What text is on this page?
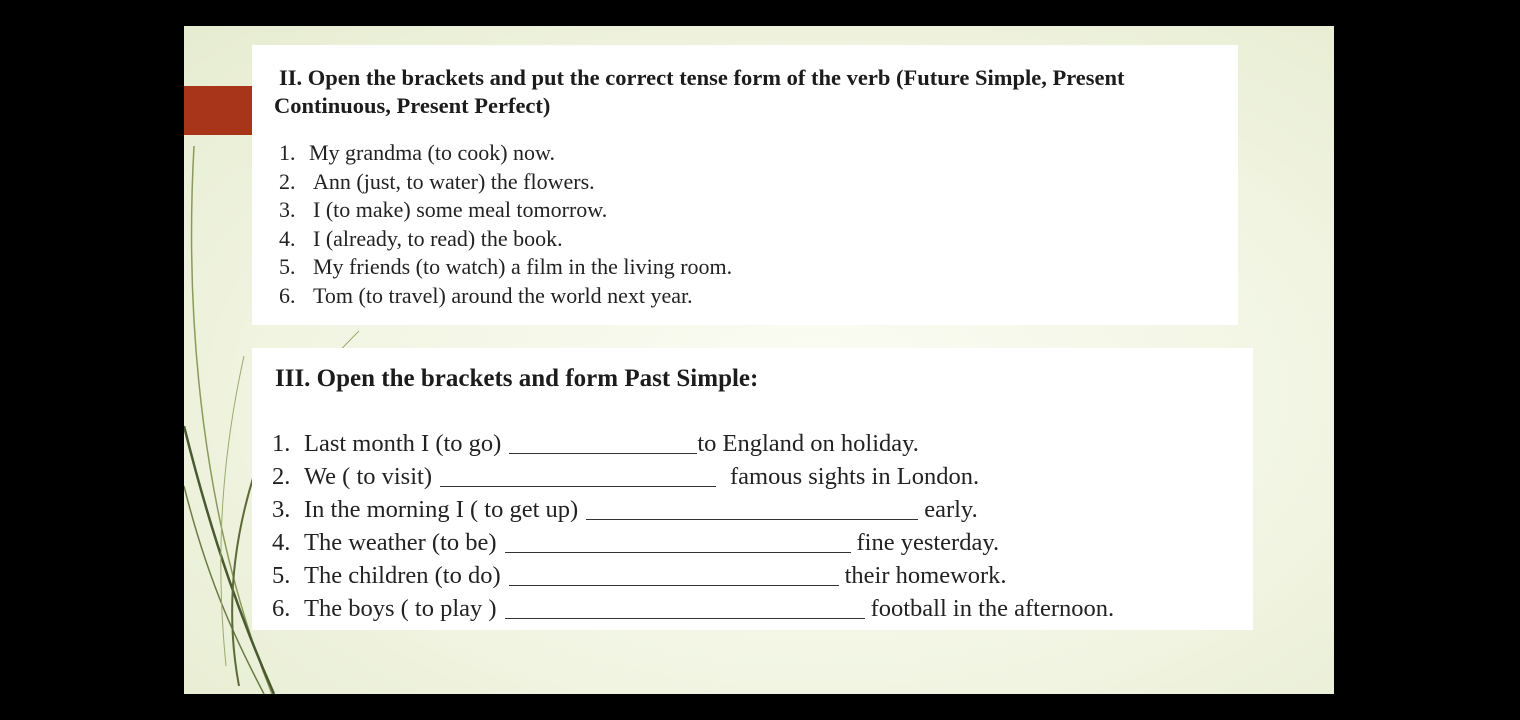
II. Open the brackets and put the correct tense form of the verb (Future Simple, Present Continuous, Present Perfect)
1. My grandma (to cook) now.
2. Ann (just, to water) the flowers.
3. I (to make) some meal tomorrow.
4. I (already, to read) the book.
5. My friends (to watch) a film in the living room.
6. Tom (to travel) around the world next year.
III. Open the brackets and form Past Simple:
1. Last month I (to go)	to England on holiday.
2. We ( to visit)	famous sights in London.
3. In the morning I ( to get up)	early.
4. The weather (to be)	fine yesterday.
5. The children (to do)	their homework.
6. The boys ( to play )	football in the afternoon.
